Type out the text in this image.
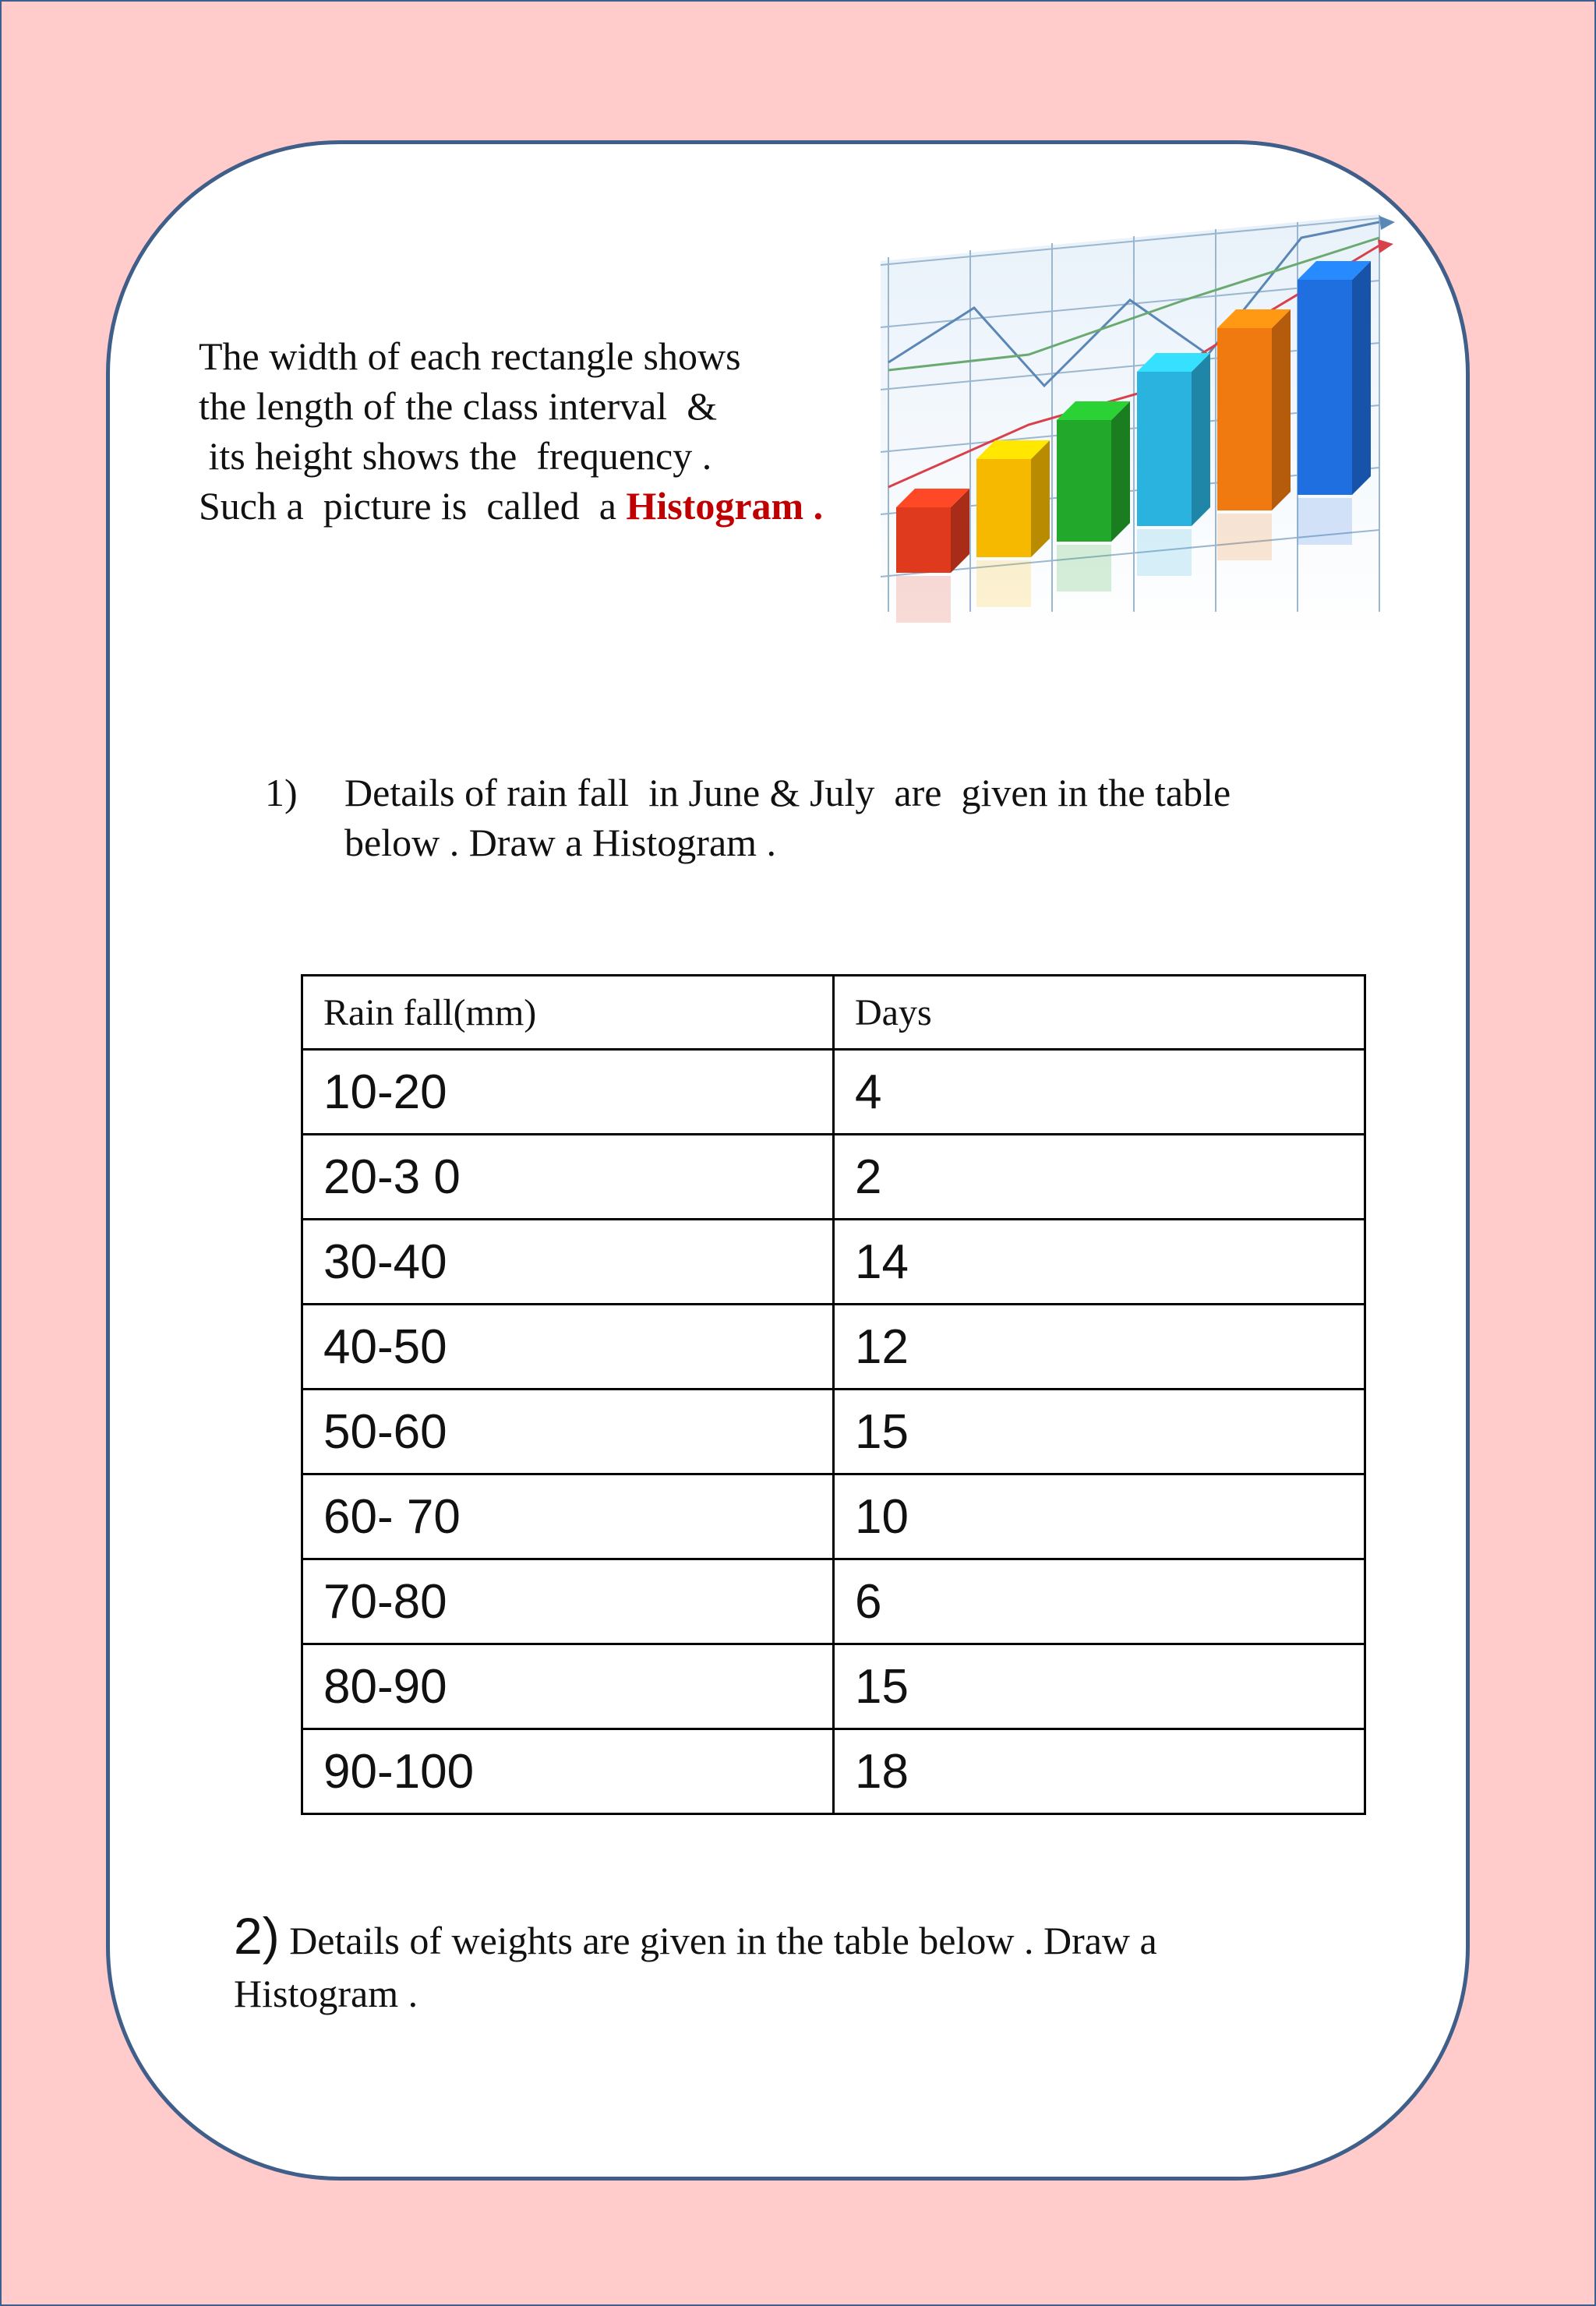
The width of each rectangle shows
the length of the class interval  &
its height shows the  frequency .
Such a  picture is  called  a Histogram .
1) Details of rain fall  in June & July  are  given in the table
below . Draw a Histogram .
Rain fall(mm)	Days
10-20	4
20-3 0	2
30-40	14
40-50	12
50-60	15
60- 70	10
70-80	6
80-90	15
90-100	18
2) Details of weights are given in the table below . Draw a Histogram .
